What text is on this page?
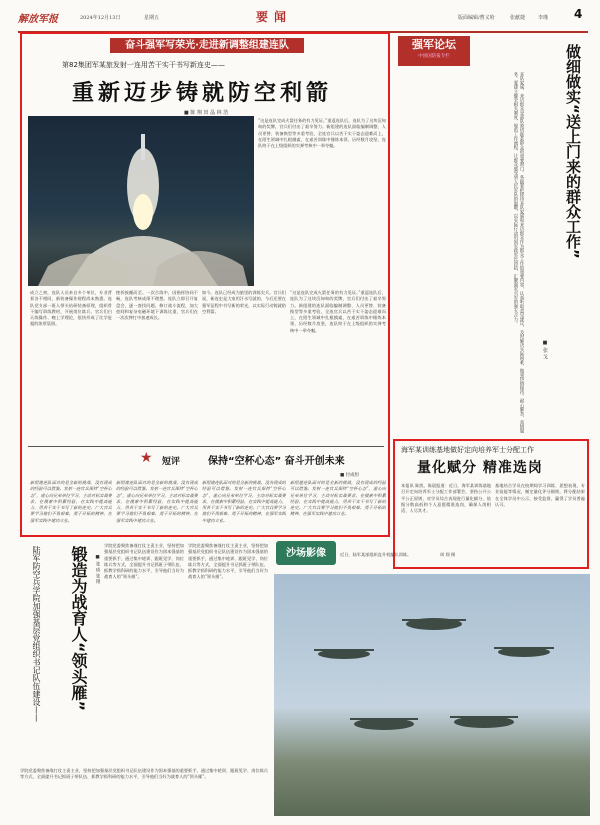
解放军报	2024年12月13日	星期五	要闻	版面编辑/曹义哈	张献捷	李瑾 4
奋斗强军写荣光·走进新调整组建连队
第82集团军某旅发射一连用苦干实干书写新连史——
重新迈步铸就防空利箭
■ 陈 翔 田 晶 林 浩
“这是连队完成火箭任务的有力见证。”重返连队后，连队为了这块沉甸甸的奖牌，官兵们付出了艰辛努力。新组建的连队面临编制调整、人员更替、装备换型等多重考验，全连官兵以苦干实干姿态迎难而上，在陌生领域中扎根摸索，在艰苦训练中锤炼本领，历经数月攻坚，连队终于在上级组织的实弹考核中一举夺魁。
成立之初，连队人员来自多个单位，专业背景各不相同，新装备操作规程尚未熟悉。连队党支部一班人带头钻研装备原理，组织骨干编写训练教材，开展岗位练兵，官兵们白天练操作、晚上学理论，很快形成了比学赶超的浓厚氛围。
挫折接踵而至。一次合练中，因指挥协同不畅，连队考核成绩不理想。连队立即召开复盘会，逐一查找问题，修订战斗流程，加大夜间和复杂电磁环境下训练比重，官兵们在一次次摔打中加速成长。
如今，连队已经成为旅里的训练尖兵。官兵们说，新连史是大家用汗水写就的，今后还要在强军征程中书写新的荣光，以实际行动铸就防空利箭。
“这是连队完成火箭任务的有力见证。”重返连队后，连队为了这块沉甸甸的奖牌，官兵们付出了艰辛努力。新组建的连队面临编制调整、人员更替、装备换型等多重考验，全连官兵以苦干实干姿态迎难而上，在陌生领域中扎根摸索，在艰苦训练中锤炼本领，历经数月攻坚，连队终于在上级组织的实弹考核中一举夺魁。
★ 短评	保持“空杯心态” 奋斗开创未来
■ 付成恒
新组建连队面对的是全新的挑战，没有现成的经验可以借鉴。发射一连官兵保持“空杯心态”，虚心向兄弟单位学习，主动对标实战要求，在摸索中积累经验、在实践中提高能力，用苦干实干书写了新的连史。广大官兵要学习他们不畏艰难、勇于开拓的精神，在强军实践中建功立业。
新组建连队面对的是全新的挑战，没有现成的经验可以借鉴。发射一连官兵保持“空杯心态”，虚心向兄弟单位学习，主动对标实战要求，在摸索中积累经验、在实践中提高能力，用苦干实干书写了新的连史。广大官兵要学习他们不畏艰难、勇于开拓的精神，在强军实践中建功立业。
新组建连队面对的是全新的挑战，没有现成的经验可以借鉴。发射一连官兵保持“空杯心态”，虚心向兄弟单位学习，主动对标实战要求，在摸索中积累经验、在实践中提高能力，用苦干实干书写了新的连史。广大官兵要学习他们不畏艰难、勇于开拓的精神，在强军实践中建功立业。
新组建连队面对的是全新的挑战，没有现成的经验可以借鉴。发射一连官兵保持“空杯心态”，虚心向兄弟单位学习，主动对标实战要求，在摸索中积累经验、在实践中提高能力，用苦干实干书写了新的连史。广大官兵要学习他们不畏艰难、勇于开拓的精神，在强军实践中建功立业。
强军论坛
中国国防报专栏
来队家属、来访群众是部队密切联系群众的重要窗口。各级要把接待来队家属和来访群众作为群众工作的重要内容，认真听取意见建议，及时解决实际困难，做到热情接待、耐心解答、真情服务。要建立健全相关制度，规范工作流程，让群众感受到人民军队的温暖，以实际行动巩固军政军民团结，汇聚强军兴军的强大合力。	做细做实“送上门来的群众工作”
■ 张 戈
海军某训练基地做好定向培养军士分配工作
量化赋分 精准选岗
本报讯 陈凯、陈晨报道：近日，海军某训练基地召开定向培养军士分配工作部署会，坚持公开公平公正原则，对学员综合表现进行量化赋分，依据分数高低和个人意愿精准选岗，确保人岗相适、人尽其才。
基地结合学员在校期间学习训练、思想表现、专业技能等情况，制定量化评分细则，将分配结果在全体学员中公示，接受监督，赢得了学员普遍认可。
陆军防空兵学院加强基层党组织书记队伍建设——	锻造为战育人“领头雁”	■ 张 琦 张 翔
学院党委聚焦备战打仗主责主业，坚持把加强基层党组织书记队伍建设作为固本强基的重要抓手，通过集中轮训、跟班见学、岗位练兵等方式，全面提升书记抓班子带队伍、抓教学抓科研的能力水平，引导他们当好为战育人的“领头雁”。
学院党委聚焦备战打仗主责主业，坚持把加强基层党组织书记队伍建设作为固本强基的重要抓手，通过集中轮训、跟班见学、岗位练兵等方式，全面提升书记抓班子带队伍、抓教学抓科研的能力水平，引导他们当好为战育人的“领头雁”。
学院党委聚焦备战打仗主责主业，坚持把加强基层党组织书记队伍建设作为固本强基的重要抓手，通过集中轮训、跟班见学、岗位练兵等方式，全面提升书记抓班子带队伍、抓教学抓科研的能力水平，引导他们当好为战育人的“领头雁”。
沙场影像	近日，陆军某部组织直升机编队训练。	周 翔 摄
